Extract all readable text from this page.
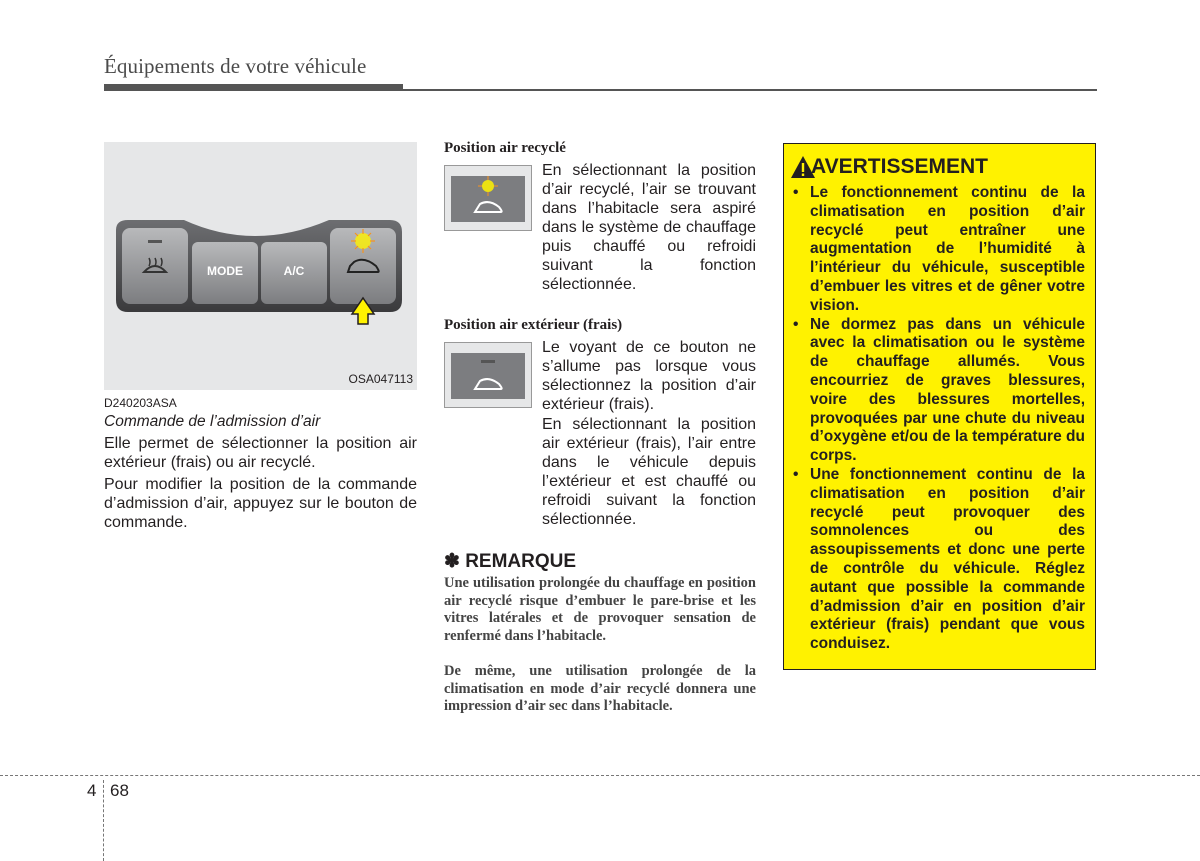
Équipements de votre véhicule
MODE	A/C
OSA047113
D240203ASA
Commande de l’admission d’air
Elle permet de sélectionner la position air extérieur (frais) ou air recyclé.
Pour modifier la position de la commande d’admission d’air, appuyez sur le bouton de commande.
Position air recyclé
En sélectionnant la position d’air recyclé, l’air se trouvant dans l’habitacle sera aspiré dans le système de chauffage puis chauffé ou refroidi suivant la fonction sélectionnée.
Position air extérieur (frais)
Le voyant de ce bouton ne s’allume pas lorsque vous sélectionnez la position d’air extérieur (frais).
En sélectionnant la position air extérieur (frais), l’air entre dans le véhicule depuis l’extérieur et est chauffé ou refroidi suivant la fonction sélectionnée.
✽ REMARQUE
Une utilisation prolongée du chauffage en position air recyclé risque d’embuer le pare-brise et les vitres latérales et de provoquer sensation de renfermé dans l’habitacle.
De même, une utilisation prolongée de la climatisation en mode d’air recyclé donnera une impression d’air sec dans l’habitacle.
AVERTISSEMENT
• Le fonctionnement continu de la climatisation en position d’air recyclé peut entraîner une augmentation de l’humidité à l’intérieur du véhicule, susceptible d’embuer les vitres et de gêner votre vision.
• Ne dormez pas dans un véhicule avec la climatisation ou le système de chauffage allumés. Vous encourriez de graves blessures, voire des blessures mortelles, provoquées par une chute du niveau d’oxygène et/ou de la température du corps.
• Une fonctionnement continu de la climatisation en position d’air recyclé peut provoquer des somnolences ou des assoupissements et donc une perte de contrôle du véhicule. Réglez autant que possible la commande d’admission d’air en position d’air extérieur (frais) pendant que vous conduisez.
4 68
